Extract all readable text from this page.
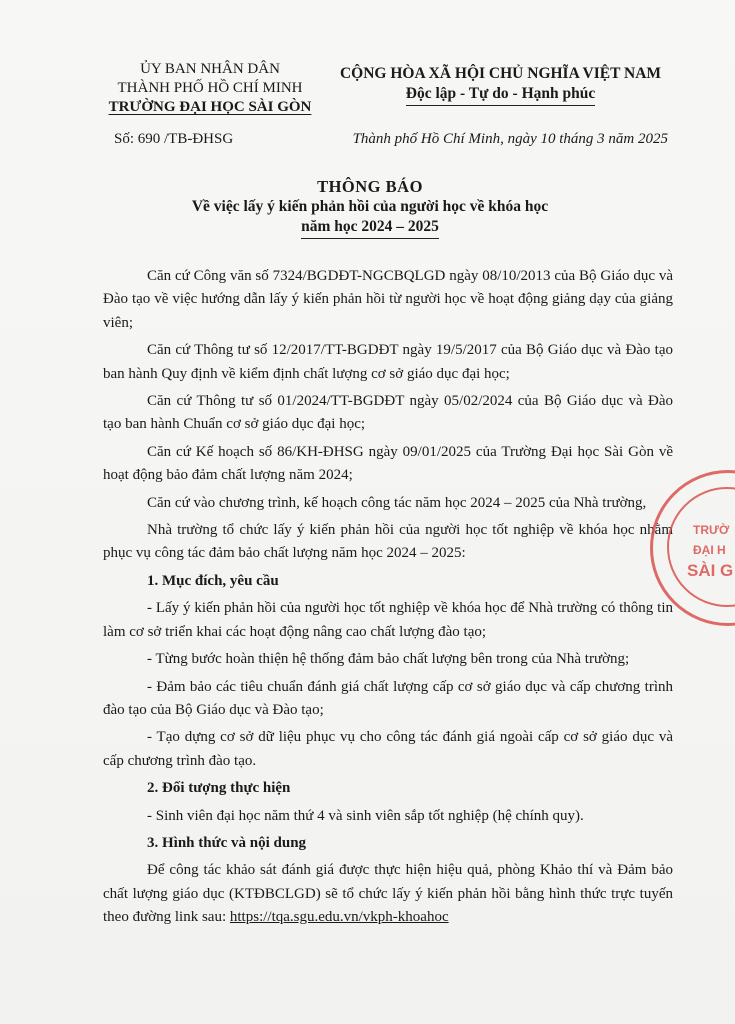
ỦY BAN NHÂN DÂN
THÀNH PHỐ HỒ CHÍ MINH
TRƯỜNG ĐẠI HỌC SÀI GÒN
Số: 690 /TB-ĐHSG
CỘNG HÒA XÃ HỘI CHỦ NGHĨA VIỆT NAM
Độc lập - Tự do - Hạnh phúc
Thành phố Hồ Chí Minh, ngày 10 tháng 3 năm 2025
THÔNG BÁO
Về việc lấy ý kiến phản hồi của người học về khóa học
năm học 2024 – 2025

Căn cứ Công văn số 7324/BGDĐT-NGCBQLGD ngày 08/10/2013 của Bộ Giáo dục và Đào tạo về việc hướng dẫn lấy ý kiến phản hồi từ người học về hoạt động giảng dạy của giảng viên;

Căn cứ Thông tư số 12/2017/TT-BGDĐT ngày 19/5/2017 của Bộ Giáo dục và Đào tạo ban hành Quy định về kiểm định chất lượng cơ sở giáo dục đại học;

Căn cứ Thông tư số 01/2024/TT-BGDĐT ngày 05/02/2024 của Bộ Giáo dục và Đào tạo ban hành Chuẩn cơ sở giáo dục đại học;

Căn cứ Kế hoạch số 86/KH-ĐHSG ngày 09/01/2025 của Trường Đại học Sài Gòn về hoạt động bảo đảm chất lượng năm 2024;

Căn cứ vào chương trình, kế hoạch công tác năm học 2024 – 2025 của Nhà trường,

Nhà trường tổ chức lấy ý kiến phản hồi của người học tốt nghiệp về khóa học nhằm phục vụ công tác đảm bảo chất lượng năm học 2024 – 2025:

1. Mục đích, yêu cầu

- Lấy ý kiến phản hồi của người học tốt nghiệp về khóa học để Nhà trường có thông tin làm cơ sở triển khai các hoạt động nâng cao chất lượng đào tạo;

- Từng bước hoàn thiện hệ thống đảm bảo chất lượng bên trong của Nhà trường;

- Đảm bảo các tiêu chuẩn đánh giá chất lượng cấp cơ sở giáo dục và cấp chương trình đào tạo của Bộ Giáo dục và Đào tạo;

- Tạo dựng cơ sở dữ liệu phục vụ cho công tác đánh giá ngoài cấp cơ sở giáo dục và cấp chương trình đào tạo.

2. Đối tượng thực hiện

- Sinh viên đại học năm thứ 4 và sinh viên sắp tốt nghiệp (hệ chính quy).

3. Hình thức và nội dung

Để công tác khảo sát đánh giá được thực hiện hiệu quả, phòng Khảo thí và Đảm bảo chất lượng giáo dục (KTĐBCLGD) sẽ tổ chức lấy ý kiến phản hồi bằng hình thức trực tuyến theo đường link sau: https://tqa.sgu.edu.vn/vkph-khoahoc

TRƯỜ
ĐẠI H
SÀI G
